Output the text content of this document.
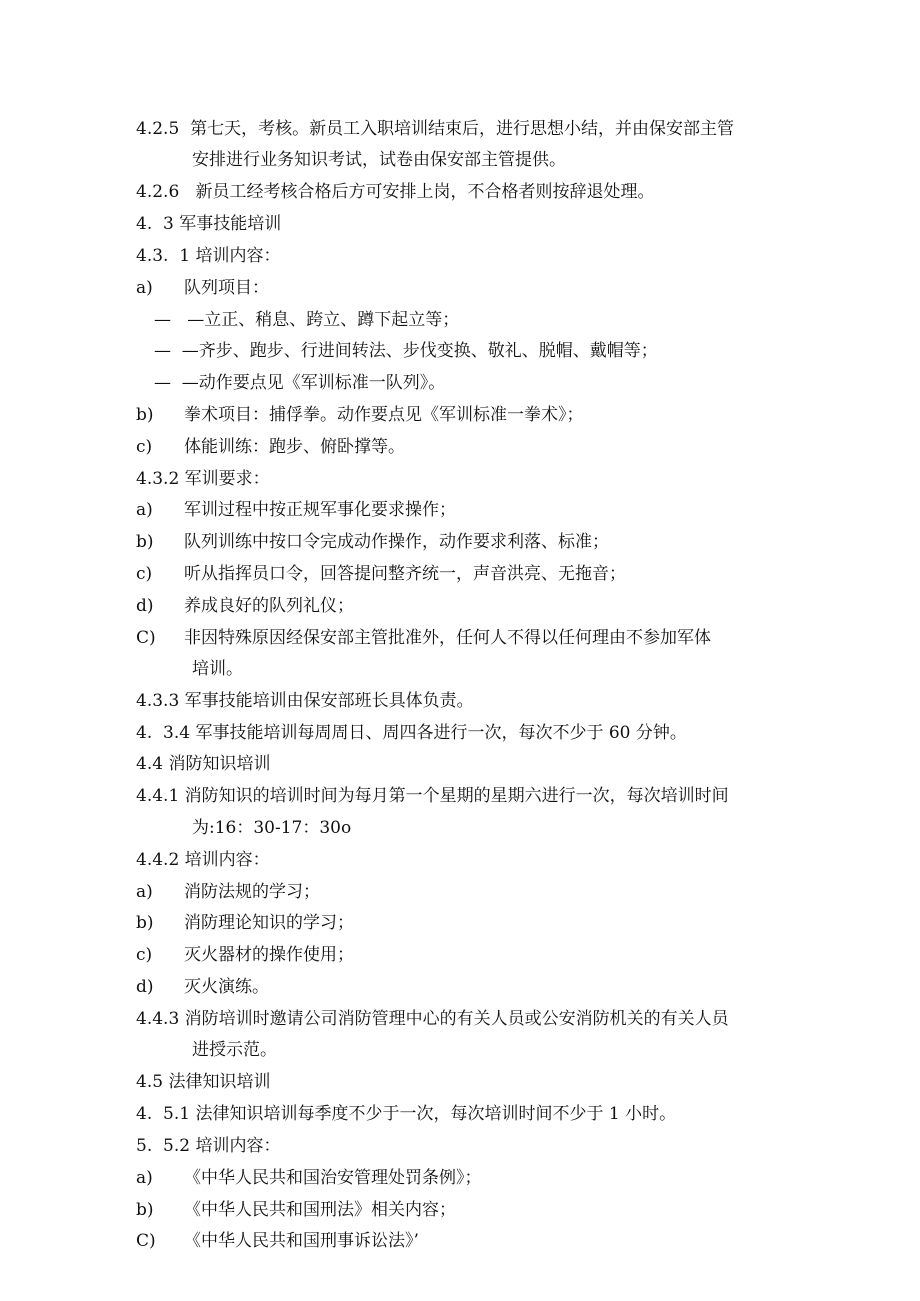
4.2.5  第七天，考核。新员工入职培训结束后，进行思想小结，并由保安部主管
安排进行业务知识考试，试卷由保安部主管提供。
4.2.6   新员工经考核合格后方可安排上岗，不合格者则按辞退处理。
4.  3 军事技能培训
4.3.  1 培训内容：
a) 队列项目：
—   —立正、稍息、跨立、蹲下起立等；
—  —齐步、跑步、行进间转法、步伐变换、敬礼、脱帽、戴帽等；
—  —动作要点见《军训标准一队列》。
b) 拳术项目：捕俘拳。动作要点见《军训标准一拳术》；
c) 体能训练：跑步、俯卧撑等。
4.3.2 军训要求：
a) 军训过程中按正规军事化要求操作；
b) 队列训练中按口令完成动作操作，动作要求利落、标准；
c) 听从指挥员口令，回答提问整齐统一，声音洪亮、无拖音；
d) 养成良好的队列礼仪；
C) 非因特殊原因经保安部主管批准外，任何人不得以任何理由不参加军体
培训。
4.3.3 军事技能培训由保安部班长具体负责。
4.  3.4 军事技能培训每周周日、周四各进行一次，每次不少于 60 分钟。
4.4 消防知识培训
4.4.1 消防知识的培训时间为每月第一个星期的星期六进行一次，每次培训时间
为:16：30-17：30o
4.4.2 培训内容：
a) 消防法规的学习；
b) 消防理论知识的学习；
c) 灭火器材的操作使用；
d) 灭火演练。
4.4.3 消防培训时邀请公司消防管理中心的有关人员或公安消防机关的有关人员
进授示范。
4.5 法律知识培训
4.  5.1 法律知识培训每季度不少于一次，每次培训时间不少于 1 小时。
5.  5.2 培训内容：
a) 《中华人民共和国治安管理处罚条例》；
b) 《中华人民共和国刑法》相关内容；
C) 《中华人民共和国刑事诉讼法》’
